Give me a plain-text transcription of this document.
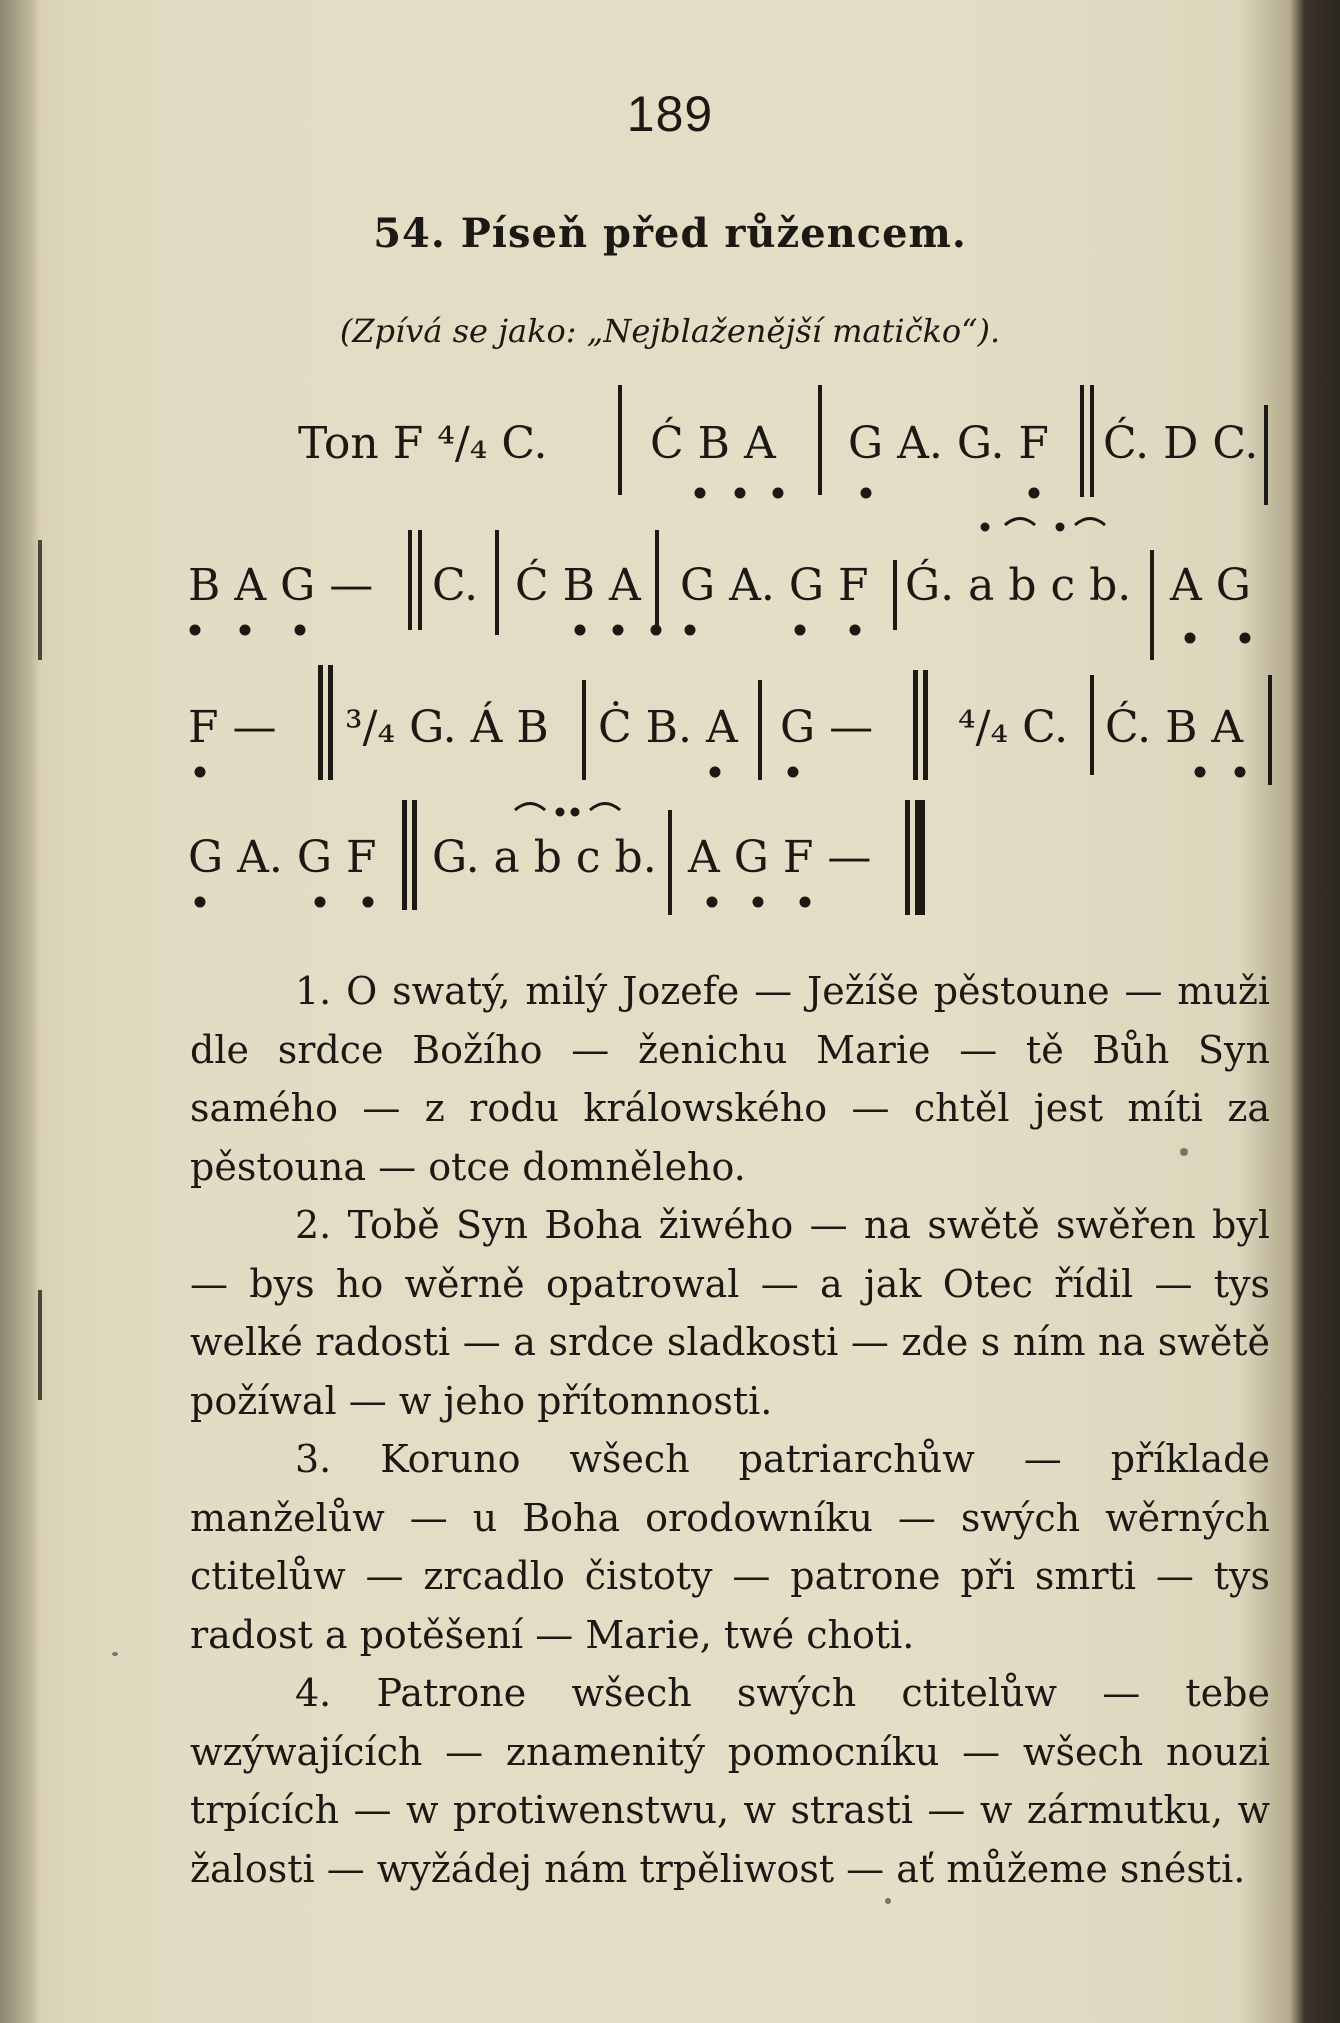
189
54. Píseň před růžencem.
(Zpívá se jako: „Nejblaženější matičko“).
Ton F ⁴/₄ C. Ć B A G A. G. F Ć. D C.
B A G — C. Ć B A G A. G F Ǵ. a b c b. A G
F — ³/₄ G. Á B Ċ B. A G — ⁴/₄ C. Ć. B A
G A. G F G. a b c b. A G F —

1. O swatý, milý Jozefe — Ježíše pěstoune — muži dle srdce Božího — ženichu Marie — tě Bůh Syn samého — z rodu králowského — chtěl jest míti za pěstouna — otce domněleho.

2. Tobě Syn Boha žiwého — na swětě swěřen byl — bys ho wěrně opatrowal — a jak Otec řídil — tys welké radosti — a srdce sladkosti — zde s ním na swětě požíwal — w jeho přítomnosti.

3. Koruno wšech patriarchůw — příklade manželůw — u Boha orodowníku — swých wěrných ctitelůw — zrcadlo čistoty — patrone při smrti — tys radost a potěšení — Marie, twé choti.

4. Patrone wšech swých ctitelůw — tebe wzýwajících — znamenitý pomocníku — wšech nouzi trpících — w protiwenstwu, w strasti — w zármutku, w žalosti — wyžádej nám trpěliwost — ať můžeme snésti.
